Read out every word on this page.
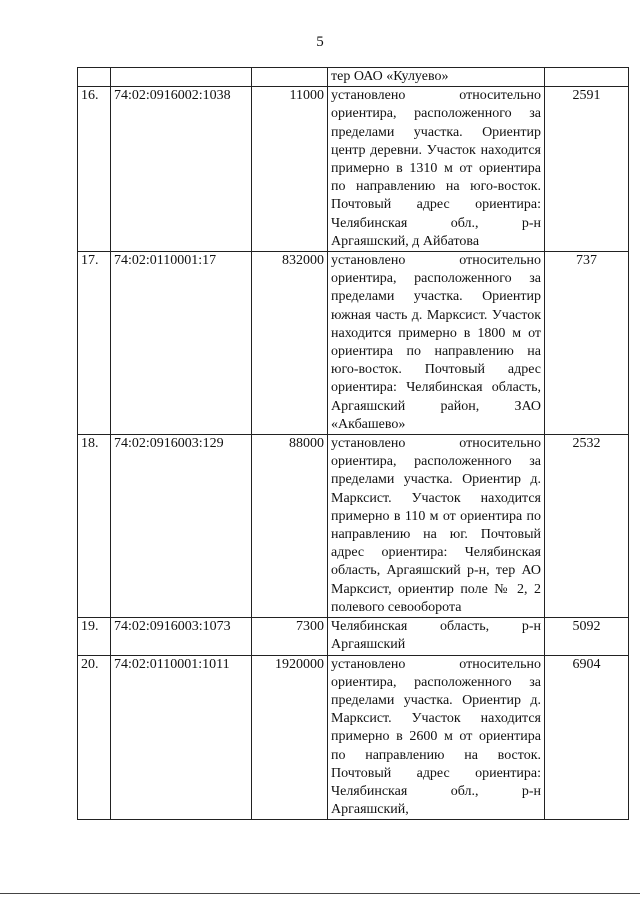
5
			тер ОАО «Кулуево»	
16.	74:02:0916002:1038	11000	установлено относительно ориентира, расположенного за пределами участка. Ориентир центр деревни. Участок находится примерно в 1310 м от ориентира по направлению на юго-восток. Почтовый адрес ориентира: Челябинская обл., р-н Аргаяшский, д Айбатова	2591
17.	74:02:0110001:17	832000	установлено относительно ориентира, расположенного за пределами участка. Ориентир южная часть д. Марксист. Участок находится примерно в 1800 м от ориентира по направлению на юго-восток. Почтовый адрес ориентира: Челябинская область, Аргаяшский район, ЗАО «Акбашево»	737
18.	74:02:0916003:129	88000	установлено относительно ориентира, расположенного за пределами участка. Ориентир д. Марксист. Участок находится примерно в 110 м от ориентира по направлению на юг. Почтовый адрес ориентира: Челябинская область, Аргаяшский р-н, тер АО Марксист, ориентир поле № 2, 2 полевого севооборота	2532
19.	74:02:0916003:1073	7300	Челябинская область, р-н Аргаяшский	5092
20.	74:02:0110001:1011	1920000	установлено относительно ориентира, расположенного за пределами участка. Ориентир д. Марксист. Участок находится примерно в 2600 м от ориентира по направлению на восток. Почтовый адрес ориентира: Челябинская обл., р-н Аргаяшский,	6904
